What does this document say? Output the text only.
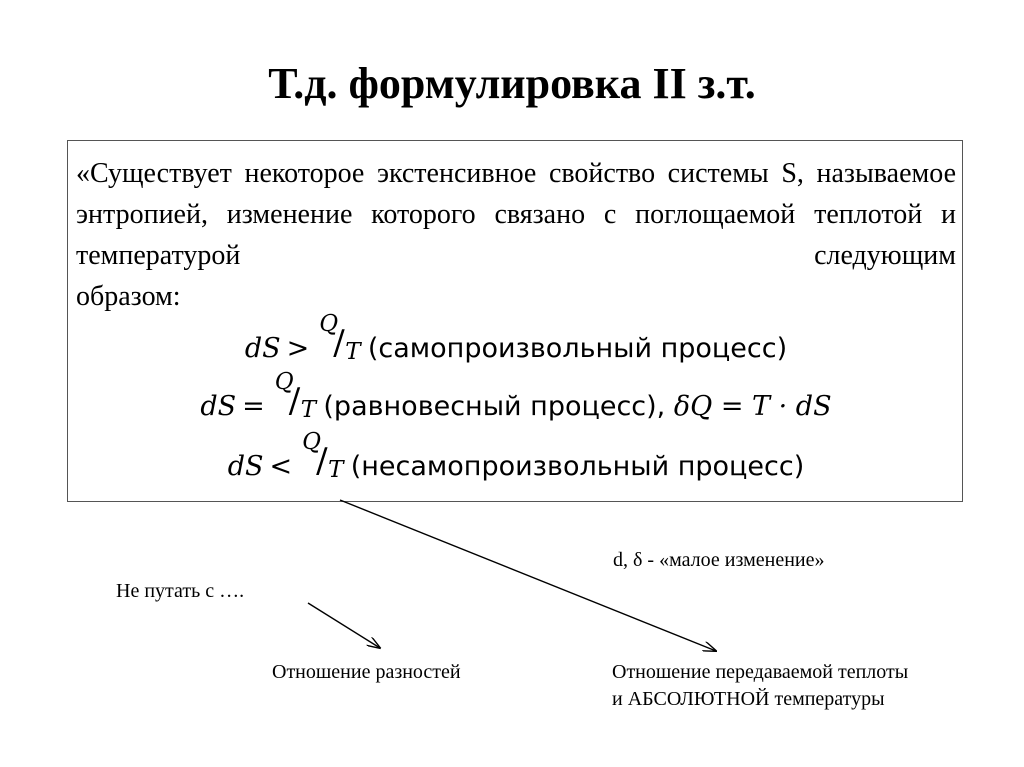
Т.д. формулировка II з.т.
«Существует некоторое экстенсивное свойство системы S, называемое энтропией, изменение которого связано с поглощаемой теплотой и температурой следующим
образом:
dS >
Q
/ T (самопроизвольный процесс)
dS =
Q
/ T (равновесный процесс), δQ = T · dS
dS <
Q
/ T (несамопроизвольный процесс)
d, δ - «малое изменение»
Не путать с ….
Отношение разностей	Отношение передаваемой теплоты
и АБСОЛЮТНОЙ температуры
